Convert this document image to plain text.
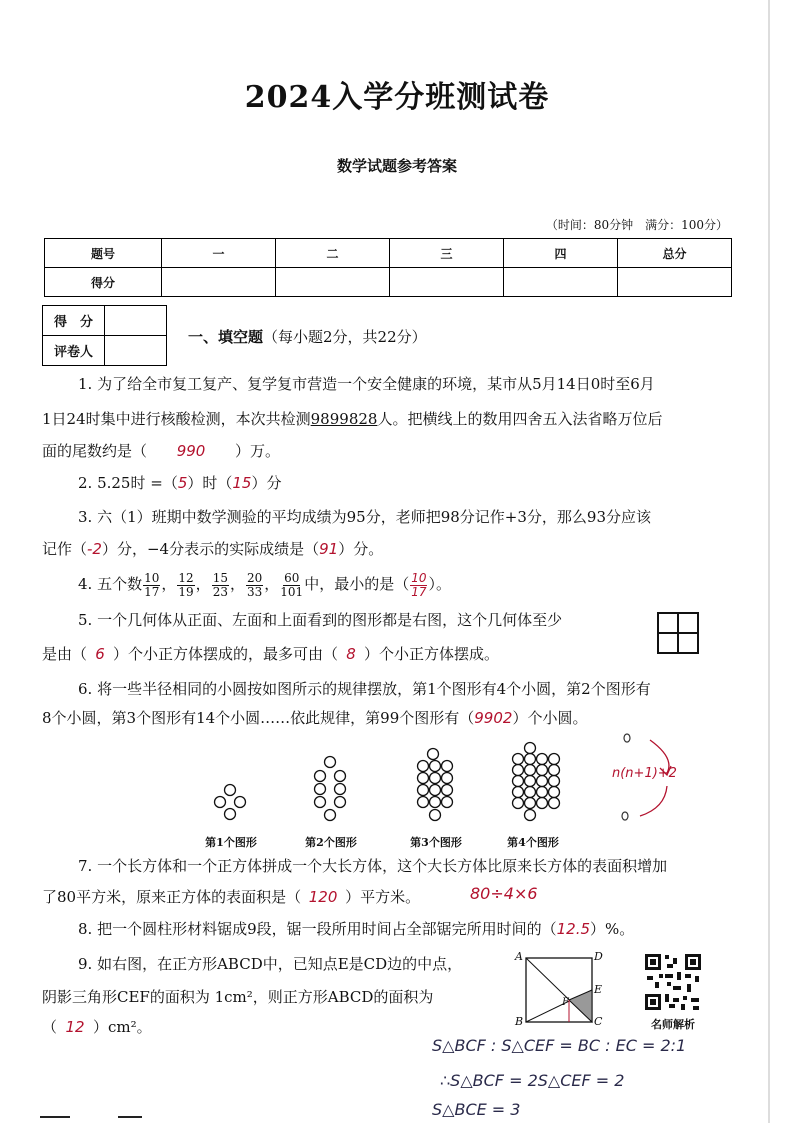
2024入学分班测试卷
数学试题参考答案
（时间：80分钟　满分：100分）
题号	一	二	三	四	总分
得分					
得　分	
评卷人	
一、填空题（每小题2分，共22分）
1. 为了给全市复工复产、复学复市营造一个安全健康的环境，某市从5月14日0时至6月
1日24时集中进行核酸检测，本次共检测9899828人。把横线上的数用四舍五入法省略万位后
面的尾数约是（ 990 ）万。
2. 5.25时 =（5）时（15）分
3. 六（1）班期中数学测验的平均成绩为95分，老师把98分记作+3分，那么93分应该
记作（-2）分，−4分表示的实际成绩是（91）分。
4. 五个数 $\frac{10}{17}$ ， $\frac{12}{19}$ ， $\frac{15}{23}$ ， $\frac{20}{33}$ ， $\frac{60}{101}$ 中，最小的是（ $\frac{10}{17}$ ）。
5. 一个几何体从正面、左面和上面看到的图形都是右图，这个几何体至少
是由（ 6 ）个小正方体摆成的，最多可由（ 8 ）个小正方体摆成。
6. 将一些半径相同的小圆按如图所示的规律摆放，第1个图形有4个小圆，第2个图形有
8个小圆，第3个图形有14个小圆……依此规律，第99个图形有（9902）个小圆。
第1个图形	第2个图形	第3个图形	第4个图形
n(n+1)+2
7. 一个长方体和一个正方体拼成一个大长方体，这个大长方体比原来长方体的表面积增加
了80平方米，原来正方体的表面积是（ 120 ）平方米。	80÷4×6
8. 把一个圆柱形材料锯成9段，锯一段所用时间占全部锯完所用时间的（12.5）%。
9. 如右图，在正方形ABCD中，已知点E是CD边的中点，
阴影三角形CEF的面积为 1cm²，则正方形ABCD的面积为
（ 12 ）cm²。
A	D
B	C
E
F
名师解析
S△BCF : S△CEF = BC : EC = 2:1
∴S△BCF = 2S△CEF = 2
S△BCE = 3
